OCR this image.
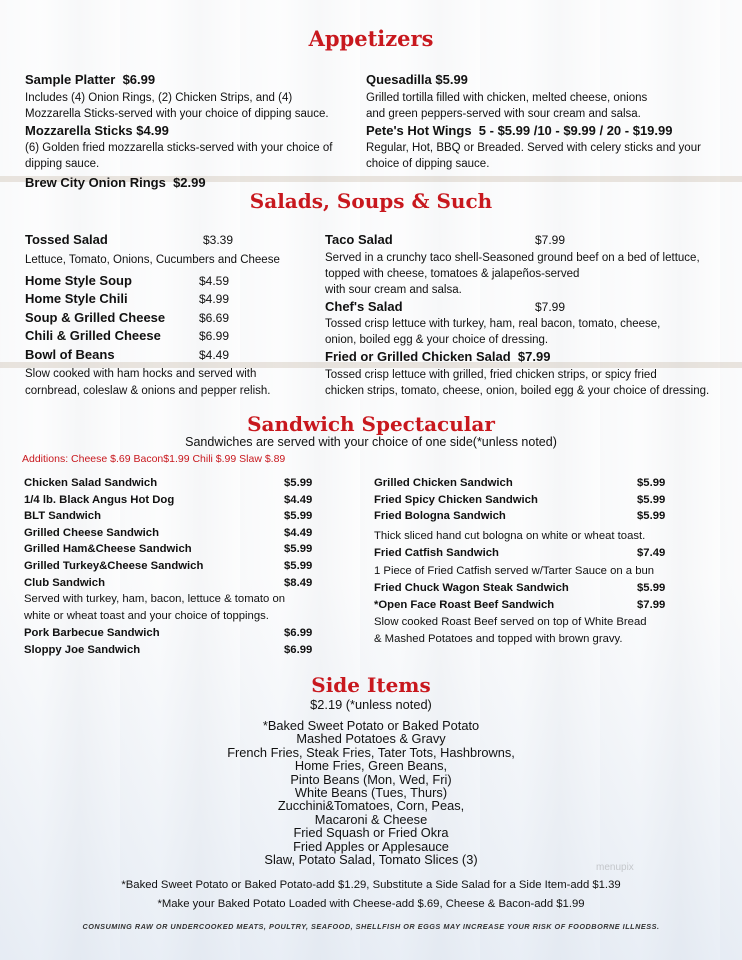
Appetizers
Sample Platter $6.99
Includes (4) Onion Rings, (2) Chicken Strips, and (4)
Mozzarella Sticks-served with your choice of dipping sauce.
Mozzarella Sticks $4.99
(6) Golden fried mozzarella sticks-served with your choice of
dipping sauce.
Brew City Onion Rings $2.99
Quesadilla $5.99
Grilled tortilla filled with chicken, melted cheese, onions
and green peppers-served with sour cream and salsa.
Pete's Hot Wings 5 - $5.99 /10 - $9.99 / 20 - $19.99
Regular, Hot, BBQ or Breaded. Served with celery sticks and your
choice of dipping sauce.
Salads, Soups & Such
Tossed Salad	$3.39
Lettuce, Tomato, Onions, Cucumbers and Cheese
Home Style Soup	$4.59
Home Style Chili	$4.99
Soup & Grilled Cheese	$6.69
Chili & Grilled Cheese	$6.99
Bowl of Beans	$4.49
Slow cooked with ham hocks and served with
cornbread, coleslaw & onions and pepper relish.
Taco Salad	$7.99
Served in a crunchy taco shell-Seasoned ground beef on a bed of lettuce,
topped with cheese, tomatoes & jalapeños-served
with sour cream and salsa.
Chef's Salad	$7.99
Tossed crisp lettuce with turkey, ham, real bacon, tomato, cheese,
onion, boiled egg & your choice of dressing.
Fried or Grilled Chicken Salad $7.99
Tossed crisp lettuce with grilled, fried chicken strips, or spicy fried
chicken strips, tomato, cheese, onion, boiled egg & your choice of dressing.
Sandwich Spectacular
Sandwiches are served with your choice of one side(*unless noted)
Additions: Cheese $.69 Bacon$1.99 Chili $.99 Slaw $.89
Chicken Salad Sandwich	$5.99
1/4 lb. Black Angus Hot Dog	$4.49
BLT Sandwich	$5.99
Grilled Cheese Sandwich	$4.49
Grilled Ham&Cheese Sandwich	$5.99
Grilled Turkey&Cheese Sandwich	$5.99
Club Sandwich	$8.49
Served with turkey, ham, bacon, lettuce & tomato on
white or wheat toast and your choice of toppings.
Pork Barbecue Sandwich	$6.99
Sloppy Joe Sandwich	$6.99
Grilled Chicken Sandwich	$5.99
Fried Spicy Chicken Sandwich	$5.99
Fried Bologna Sandwich	$5.99
Thick sliced hand cut bologna on white or wheat toast.
Fried Catfish Sandwich	$7.49
1 Piece of Fried Catfish served w/Tarter Sauce on a bun
Fried Chuck Wagon Steak Sandwich	$5.99
*Open Face Roast Beef Sandwich	$7.99
Slow cooked Roast Beef served on top of White Bread
& Mashed Potatoes and topped with brown gravy.
Side Items
$2.19 (*unless noted)
*Baked Sweet Potato or Baked Potato
Mashed Potatoes & Gravy
French Fries, Steak Fries, Tater Tots, Hashbrowns,
Home Fries, Green Beans,
Pinto Beans (Mon, Wed, Fri)
White Beans (Tues, Thurs)
Zucchini&Tomatoes, Corn, Peas,
Macaroni & Cheese
Fried Squash or Fried Okra
Fried Apples or Applesauce
Slaw, Potato Salad, Tomato Slices (3)
*Baked Sweet Potato or Baked Potato-add $1.29, Substitute a Side Salad for a Side Item-add $1.39
*Make your Baked Potato Loaded with Cheese-add $.69, Cheese & Bacon-add $1.99
CONSUMING RAW OR UNDERCOOKED MEATS, POULTRY, SEAFOOD, SHELLFISH OR EGGS MAY INCREASE YOUR RISK OF FOODBORNE ILLNESS.
menupix
